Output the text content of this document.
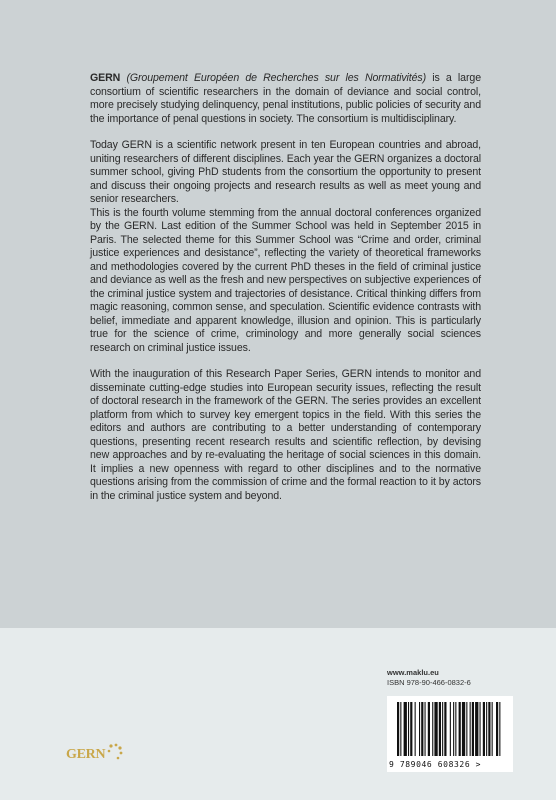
GERN (Groupement Européen de Recherches sur les Normativités) is a large consortium of scientific researchers in the domain of deviance and social control, more precisely studying delinquency, penal institutions, public policies of security and the importance of penal questions in society. The consortium is multidisciplinary.

Today GERN is a scientific network present in ten European countries and abroad, uniting researchers of different disciplines. Each year the GERN organizes a doctoral summer school, giving PhD students from the consortium the opportunity to present and discuss their ongoing projects and research results as well as meet young and senior researchers.

This is the fourth volume stemming from the annual doctoral conferences organized by the GERN. Last edition of the Summer School was held in September 2015 in Paris. The selected theme for this Summer School was “Crime and order, criminal justice experiences and desistance”, reflecting the variety of theoretical frameworks and methodologies covered by the current PhD theses in the field of criminal justice and deviance as well as the fresh and new perspectives on subjective experiences of the criminal justice system and trajectories of desistance. Critical thinking differs from magic reasoning, common sense, and speculation. Scientific evidence contrasts with belief, immediate and apparent knowledge, illusion and opinion. This is particularly true for the science of crime, criminology and more generally social sciences research on criminal justice issues.

With the inauguration of this Research Paper Series, GERN intends to monitor and disseminate cutting-edge studies into European security issues, reflecting the result of doctoral research in the framework of the GERN. The series provides an excellent platform from which to survey key emergent topics in the field. With this series the editors and authors are contributing to a better understanding of contemporary questions, presenting recent research results and scientific reflection, by devising new approaches and by re-evaluating the heritage of social sciences in this domain. It implies a new openness with regard to other disciplines and to the normative questions arising from the commission of crime and the formal reaction to it by actors in the criminal justice system and beyond.

GERN
www.maklu.eu
ISBN 978-90-466-0832-6
9 789046 608326 >
